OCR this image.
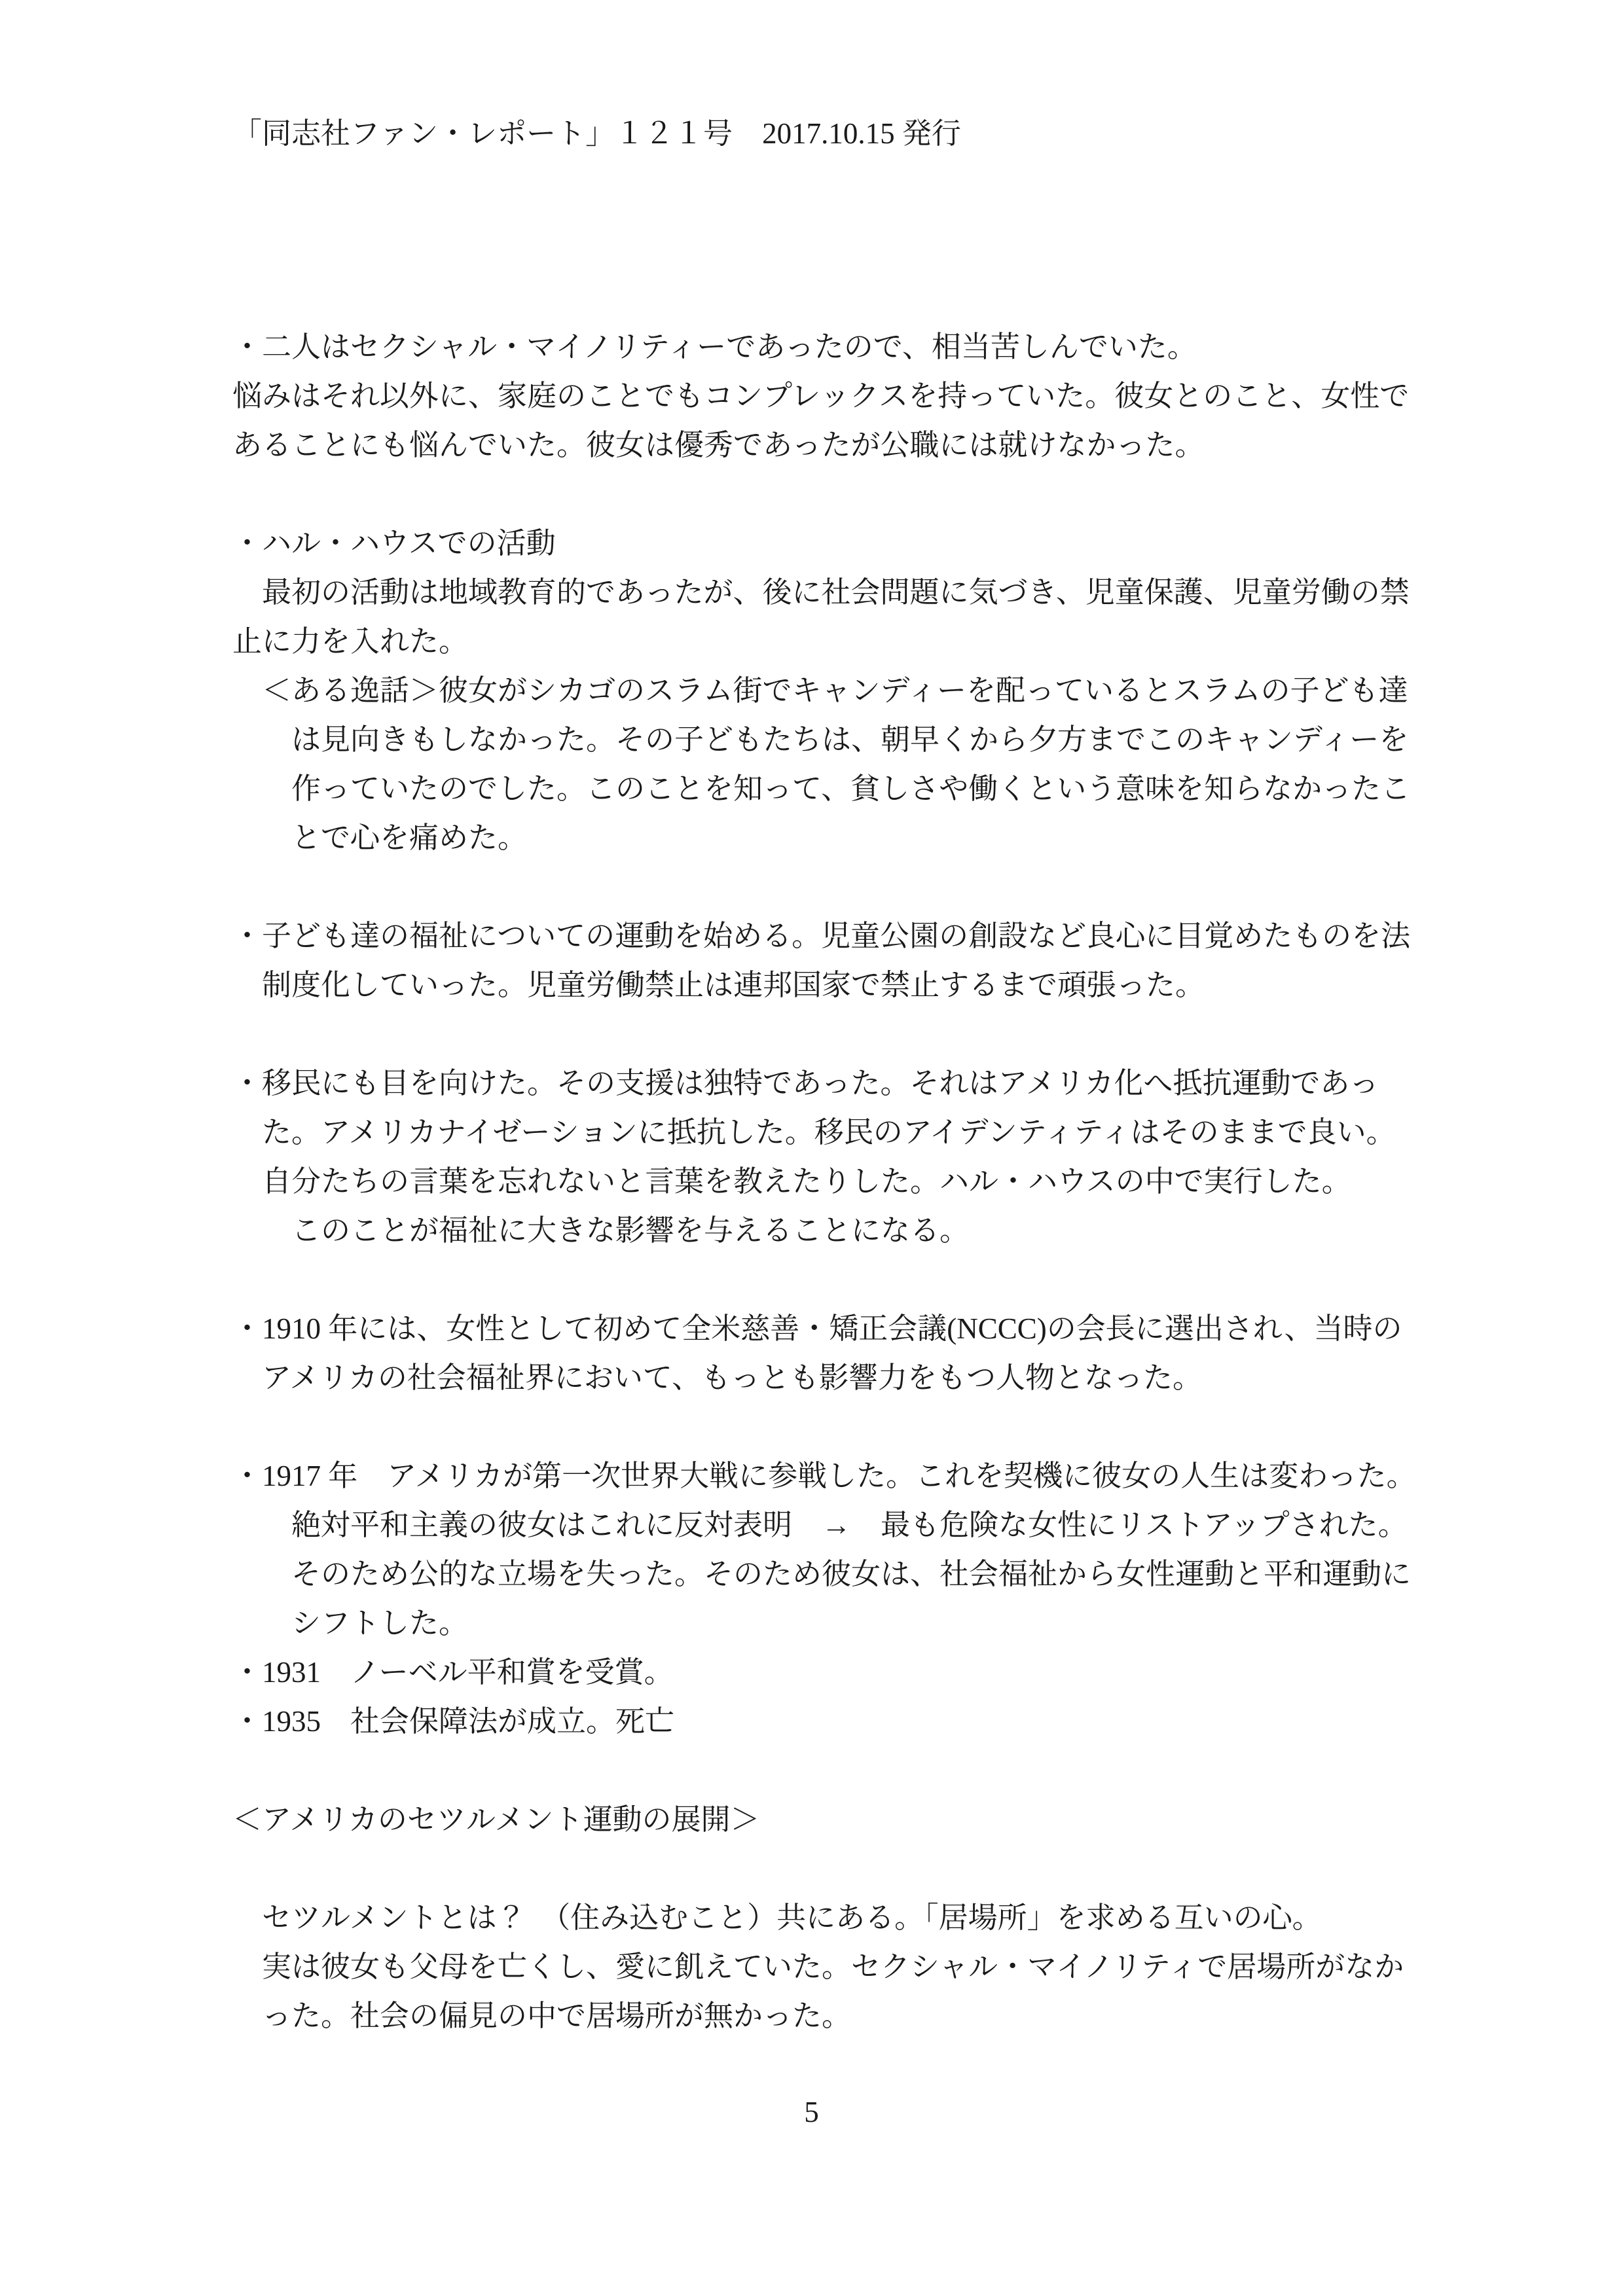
「同志社ファン・レポート」１２１号　2017.10.15 発行
・二人はセクシャル・マイノリティーであったので、相当苦しんでいた。
悩みはそれ以外に、家庭のことでもコンプレックスを持っていた。彼女とのこと、女性で
あることにも悩んでいた。彼女は優秀であったが公職には就けなかった。
・ハル・ハウスでの活動
　最初の活動は地域教育的であったが、後に社会問題に気づき、児童保護、児童労働の禁
止に力を入れた。
　＜ある逸話＞彼女がシカゴのスラム街でキャンディーを配っているとスラムの子ども達
　　は見向きもしなかった。その子どもたちは、朝早くから夕方までこのキャンディーを
　　作っていたのでした。このことを知って、貧しさや働くという意味を知らなかったこ
　　とで心を痛めた。
・子ども達の福祉についての運動を始める。児童公園の創設など良心に目覚めたものを法
　制度化していった。児童労働禁止は連邦国家で禁止するまで頑張った。
・移民にも目を向けた。その支援は独特であった。それはアメリカ化へ抵抗運動であっ
　た。アメリカナイゼーションに抵抗した。移民のアイデンティティはそのままで良い。
　自分たちの言葉を忘れないと言葉を教えたりした。ハル・ハウスの中で実行した。
　　このことが福祉に大きな影響を与えることになる。
・1910 年には、女性として初めて全米慈善・矯正会議(NCCC)の会長に選出され、当時の
　アメリカの社会福祉界において、もっとも影響力をもつ人物となった。
・1917 年　アメリカが第一次世界大戦に参戦した。これを契機に彼女の人生は変わった。
　　絶対平和主義の彼女はこれに反対表明　→　最も危険な女性にリストアップされた。
　　そのため公的な立場を失った。そのため彼女は、社会福祉から女性運動と平和運動に
　　シフトした。
・1931　ノーベル平和賞を受賞。
・1935　社会保障法が成立。死亡
＜アメリカのセツルメント運動の展開＞
　セツルメントとは？　（住み込むこと）共にある。「居場所」を求める互いの心。
　実は彼女も父母を亡くし、愛に飢えていた。セクシャル・マイノリティで居場所がなか
　った。社会の偏見の中で居場所が無かった。
5
